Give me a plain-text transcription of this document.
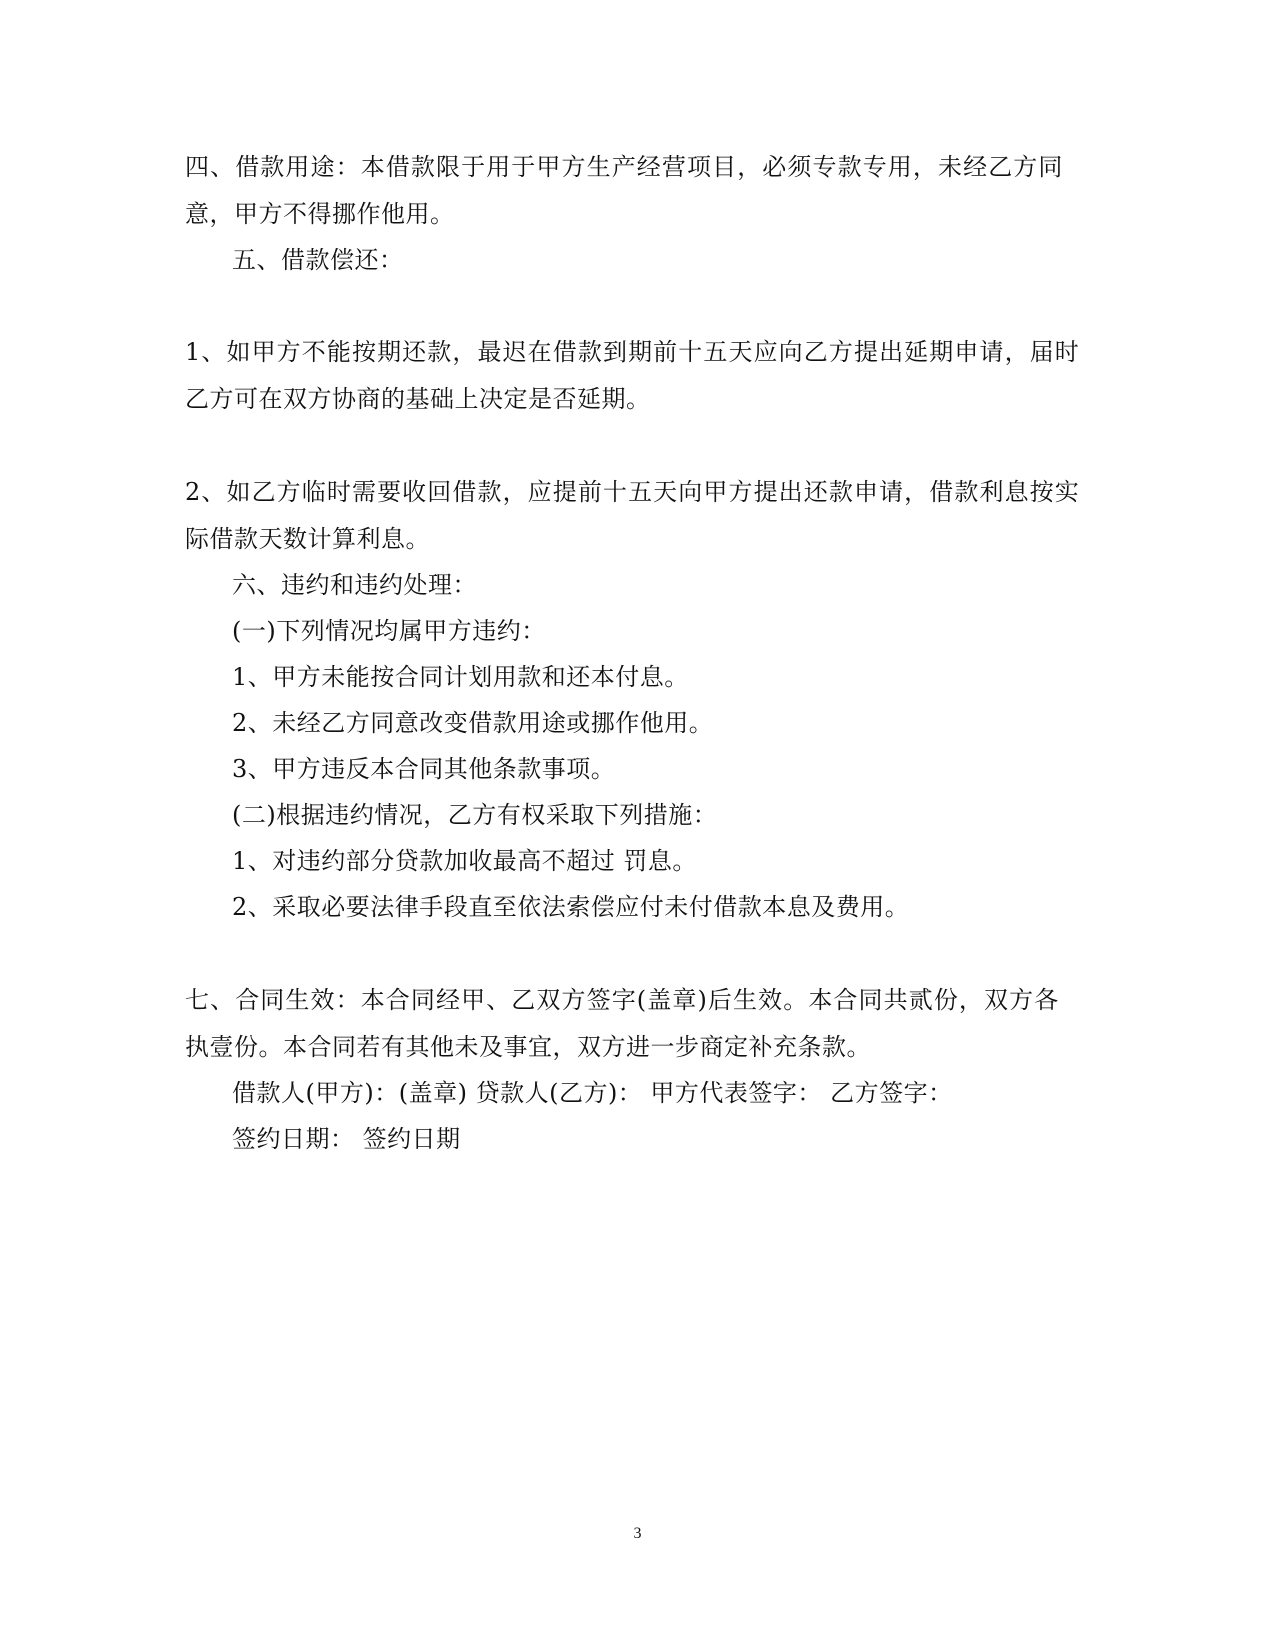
四、借款用途：本借款限于用于甲方生产经营项目，必须专款专用，未经乙方同
意，甲方不得挪作他用。
五、借款偿还：
1、如甲方不能按期还款，最迟在借款到期前十五天应向乙方提出延期申请，届时
乙方可在双方协商的基础上决定是否延期。
2、如乙方临时需要收回借款，应提前十五天向甲方提出还款申请，借款利息按实
际借款天数计算利息。
六、违约和违约处理：
(一)下列情况均属甲方违约：
1、甲方未能按合同计划用款和还本付息。
2、未经乙方同意改变借款用途或挪作他用。
3、甲方违反本合同其他条款事项。
(二)根据违约情况，乙方有权采取下列措施：
1、对违约部分贷款加收最高不超过 罚息。
2、采取必要法律手段直至依法索偿应付未付借款本息及费用。
七、合同生效：本合同经甲、乙双方签字(盖章)后生效。本合同共贰份，双方各
执壹份。本合同若有其他未及事宜，双方进一步商定补充条款。
借款人(甲方)：(盖章) 贷款人(乙方)： 甲方代表签字： 乙方签字：
签约日期： 签约日期
3
